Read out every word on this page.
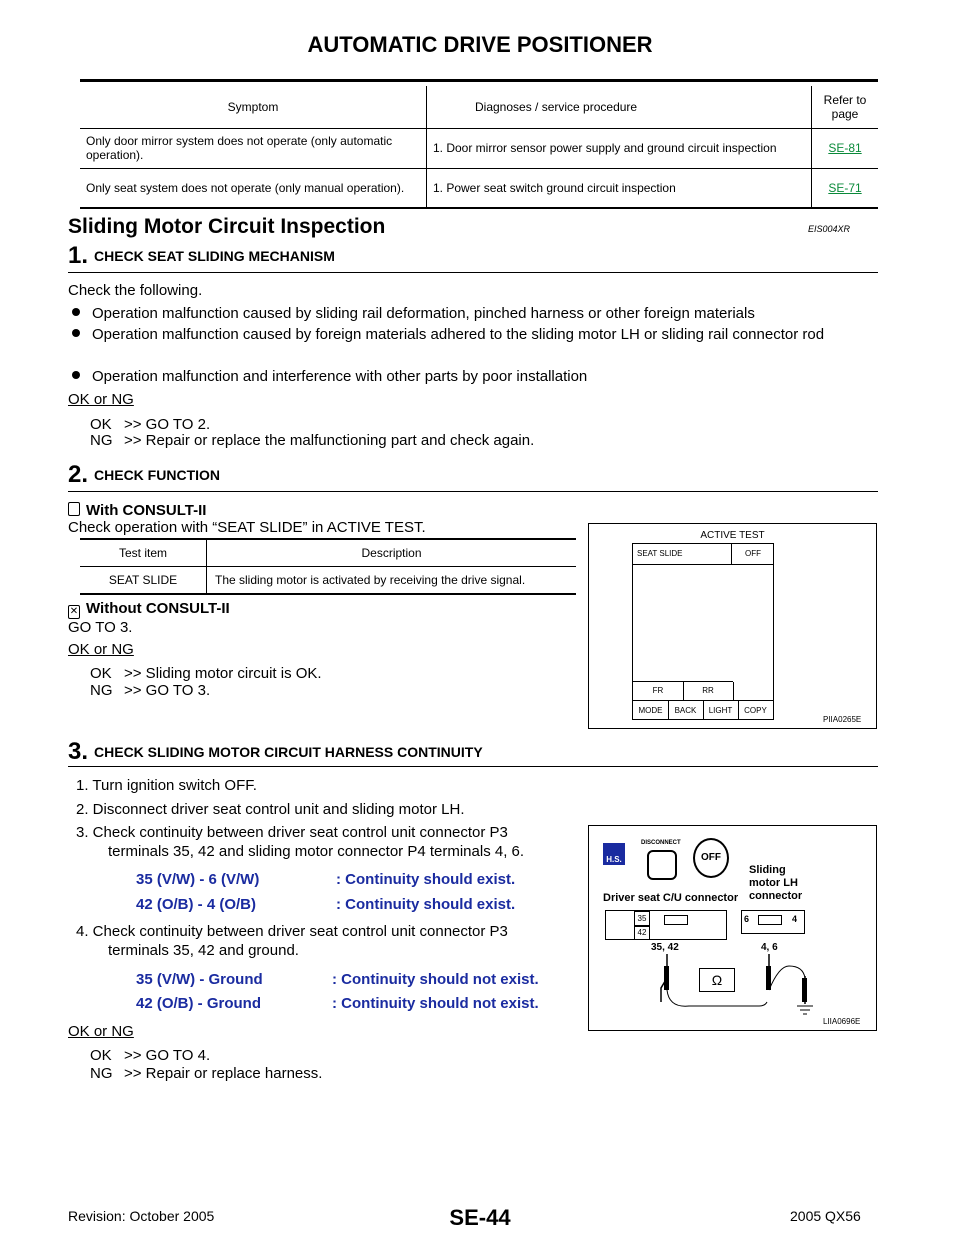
AUTOMATIC DRIVE POSITIONER
Symptom	Diagnoses / service procedure	Refer to page
Only door mirror system does not operate (only automatic operation).	1. Door mirror sensor power supply and ground circuit inspection	SE-81
Only seat system does not operate (only manual operation).	1. Power seat switch ground circuit inspection	SE-71
Sliding Motor Circuit Inspection	EIS004XR
1. CHECK SEAT SLIDING MECHANISM
Check the following.
Operation malfunction caused by sliding rail deformation, pinched harness or other foreign materials
Operation malfunction caused by foreign materials adhered to the sliding motor LH or sliding rail connector rod
Operation malfunction and interference with other parts by poor installation
OK or NG
OK >> GO TO 2.
NG >> Repair or replace the malfunctioning part and check again.
2. CHECK FUNCTION
With CONSULT-II
Check operation with “SEAT SLIDE” in ACTIVE TEST.
Test item	Description
SEAT SLIDE	The sliding motor is activated by receiving the drive signal.
✕ Without CONSULT-II
GO TO 3.
OK or NG
OK >> Sliding motor circuit is OK.
NG >> GO TO 3.
ACTIVE TEST
SEAT SLIDE	OFF
FR	RR
MODE	BACK	LIGHT	COPY
PIIA0265E
3. CHECK SLIDING MOTOR CIRCUIT HARNESS CONTINUITY
1. Turn ignition switch OFF.
2. Disconnect driver seat control unit and sliding motor LH.
3. Check continuity between driver seat control unit connector P3
terminals 35, 42 and sliding motor connector P4 terminals 4, 6.
35 (V/W) - 6 (V/W)	: Continuity should exist.
42 (O/B) - 4 (O/B)	: Continuity should exist.
4. Check continuity between driver seat control unit connector P3
terminals 35, 42 and ground.
35 (V/W) - Ground	: Continuity should not exist.
42 (O/B) - Ground	: Continuity should not exist.
OK or NG
OK >> GO TO 4.
NG >> Repair or replace harness.
H.S.
DISCONNECT
OFF
Driver seat C/U connector
Sliding
motor LH
connector
35
42
6	4
35, 42	4, 6
Ω
LIIA0696E
Revision: October 2005	SE-44	2005 QX56
